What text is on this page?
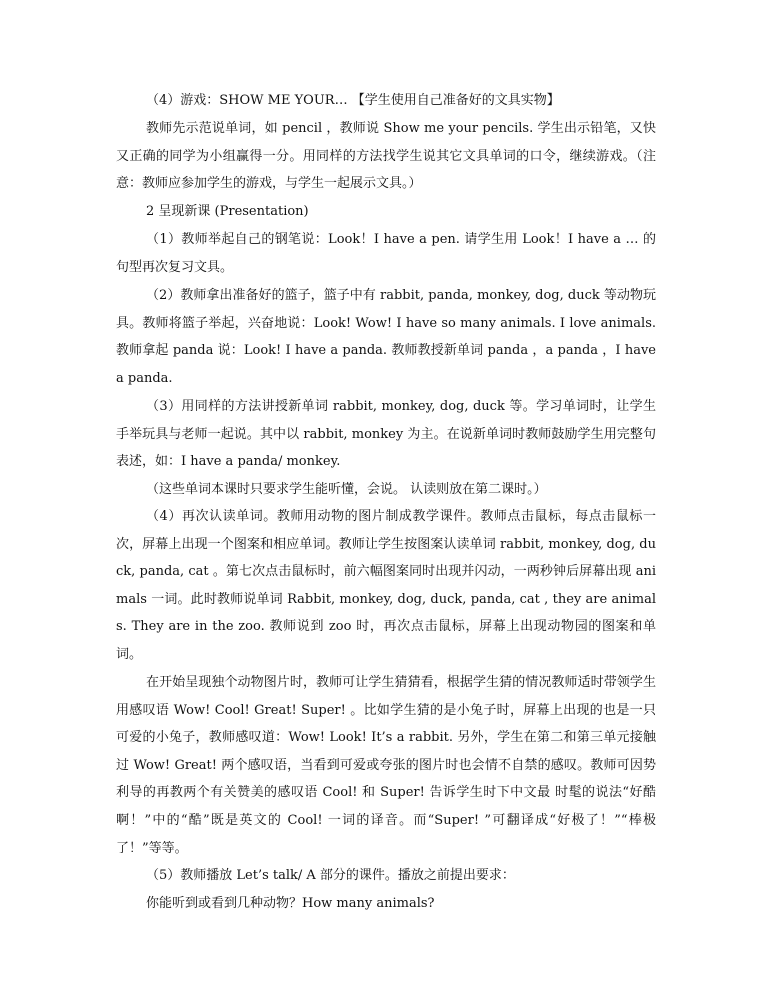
（4）游戏：SHOW ME YOUR… 【学生使用自己准备好的文具实物】

教师先示范说单词，如 pencil ，教师说 Show me your pencils. 学生出示铅笔，又快又正确的同学为小组赢得一分。用同样的方法找学生说其它文具单词的口令，继续游戏。（注意：教师应参加学生的游戏，与学生一起展示文具。）

2 呈现新课 (Presentation)

（1）教师举起自己的钢笔说：Look！I have a pen. 请学生用 Look！I have a … 的句型再次复习文具。

（2）教师拿出准备好的篮子，篮子中有 rabbit, panda, monkey, dog, duck 等动物玩具。教师将篮子举起，兴奋地说：Look! Wow! I have so many animals. I love animals. 教师拿起 panda 说：Look! I have a panda. 教师教授新单词 panda ，a panda ，I have a panda.

（3）用同样的方法讲授新单词 rabbit, monkey, dog, duck 等。学习单词时，让学生手举玩具与老师一起说。其中以 rabbit, monkey 为主。在说新单词时教师鼓励学生用完整句表述，如：I have a panda/ monkey.

（这些单词本课时只要求学生能听懂，会说。 认读则放在第二课时。）

（4）再次认读单词。教师用动物的图片制成教学课件。教师点击鼠标，每点击鼠标一次，屏幕上出现一个图案和相应单词。教师让学生按图案认读单词 rabbit, monkey, dog, duck, panda, cat 。第七次点击鼠标时，前六幅图案同时出现并闪动，一两秒钟后屏幕出现 animals 一词。此时教师说单词 Rabbit, monkey, dog, duck, panda, cat , they are animals. They are in the zoo. 教师说到 zoo 时，再次点击鼠标，屏幕上出现动物园的图案和单词。

在开始呈现独个动物图片时，教师可让学生猜猜看，根据学生猜的情况教师适时带领学生用感叹语 Wow! Cool! Great! Super! 。比如学生猜的是小兔子时，屏幕上出现的也是一只可爱的小兔子，教师感叹道：Wow! Look! It’s a rabbit. 另外，学生在第二和第三单元接触过 Wow! Great! 两个感叹语，当看到可爱或夸张的图片时也会情不自禁的感叹。教师可因势利导的再教两个有关赞美的感叹语 Cool! 和 Super! 告诉学生时下中文最 时髦的说法“好酷啊！”中的“酷”既是英文的 Cool! 一词的译音。而“Super! ”可翻译成“好极了！”“棒极了！”等等。

（5）教师播放 Let’s talk/ A 部分的课件。播放之前提出要求：

你能听到或看到几种动物？How many animals?
